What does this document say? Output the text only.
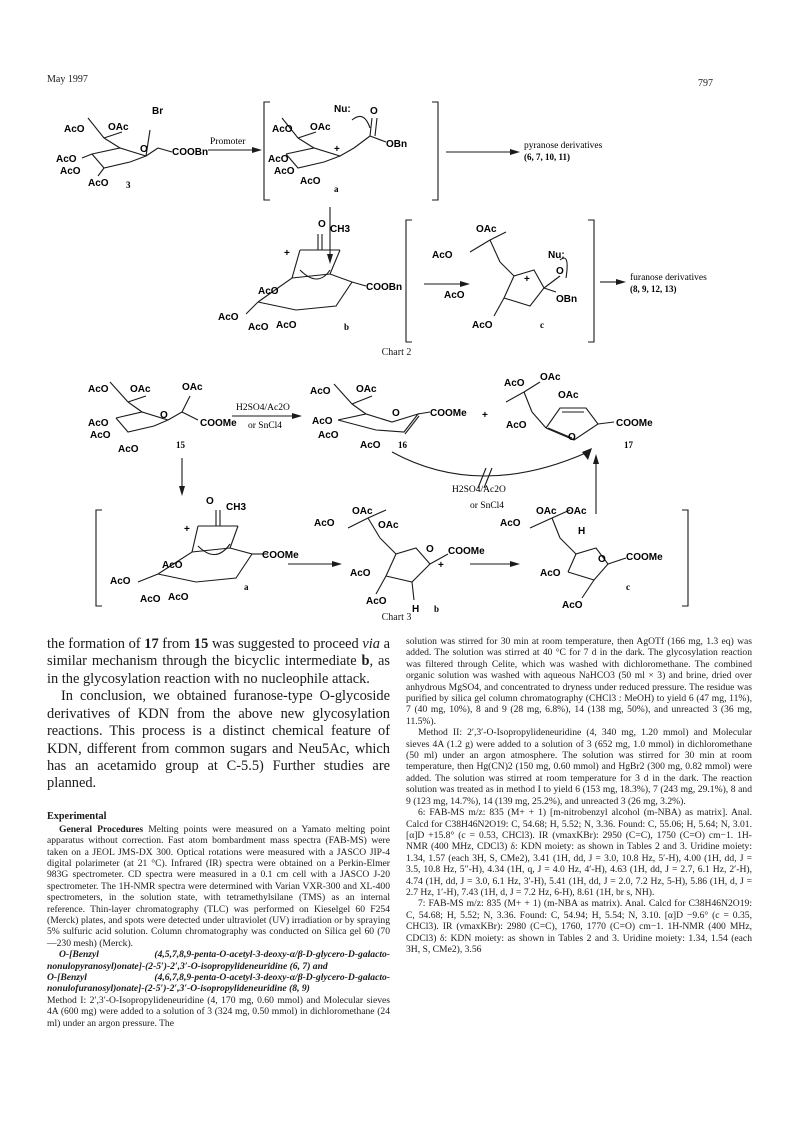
May 1997	797
AcO OAc
Br
COOBn
O
AcO
AcO
AcO 3
Promoter
AcO OAc
Nu:
OBn
O
+
AcO
AcO
AcO
a
pyranose derivatives
(6, 7, 10, 11)
O CH3
+
COOBn
AcO
AcO
AcO AcO	b
AcO
OAc
Nu:
AcO
+
OBn
O
AcO	c
furanose derivatives
(8, 9, 12, 13)
Chart 2
AcO OAc	OAc
COOMe
O
AcO
AcO
AcO	15
H2SO4/Ac2O
or SnCl4
AcO	OAc
COOMe
O
AcO
AcO
AcO 16
+
AcO
OAc
OAc
COOMe
O
AcO
17
H2SO4/Ac2O
or SnCl4
O
CH3
+
COOMe
AcO
AcO
AcO AcO
a
AcO
OAc
OAc
COOMe
O
+
AcO
AcO
H b
AcO
OAc OAc
H
COOMe
O
AcO
AcO
c
Chart 3

the formation of 17 from 15 was suggested to proceed via a similar mechanism through the bicyclic intermediate b, as in the glycosylation reaction with no nucleophile attack.

In conclusion, we obtained furanose-type O-glycoside derivatives of KDN from the above new glycosylation reactions. This process is a distinct chemical feature of KDN, different from common sugars and Neu5Ac, which has an acetamido group at C-5.5) Further studies are planned.

Experimental

General Procedures Melting points were measured on a Yamato melting point apparatus without correction. Fast atom bombardment mass spectra (FAB-MS) were taken on a JEOL JMS-DX 300. Optical rotations were measured with a JASCO JIP-4 digital polarimeter (at 21 °C). Infrared (IR) spectra were obtained on a Perkin-Elmer 983G spectrometer. CD spectra were measured in a 0.1 cm cell with a JASCO J-20 spectrometer. The 1H-NMR spectra were determined with Varian VXR-300 and XL-400 spectrometers, in the solution state, with tetramethylsilane (TMS) as an internal reference. Thin-layer chromatography (TLC) was performed on Kieselgel 60 F254 (Merck) plates, and spots were detected under ultraviolet (UV) irradiation or by spraying 5% sulfuric acid solution. Column chromatography was conducted on Silica gel 60 (70—230 mesh) (Merck).

O-[Benzyl (4,5,7,8,9-penta-O-acetyl-3-deoxy-α/β-D-glycero-D-galacto-nonulopyranosyl)onate]-(2-5′)-2′,3′-O-isopropylideneuridine (6, 7) and

O-[Benzyl (4,6,7,8,9-penta-O-acetyl-3-deoxy-α/β-D-glycero-D-galacto-nonulofuranosyl)onate]-(2-5′)-2′,3′-O-isopropylideneuridine (8, 9)

Method I: 2′,3′-O-Isopropylideneuridine (4, 170 mg, 0.60 mmol) and Molecular sieves 4A (600 mg) were added to a solution of 3 (324 mg, 0.50 mmol) in dichloromethane (24 ml) under an argon pressure. The

solution was stirred for 30 min at room temperature, then AgOTf (166 mg, 1.3 eq) was added. The solution was stirred at 40 °C for 7 d in the dark. The glycosylation reaction was filtered through Celite, which was washed with dichloromethane. The combined organic solution was washed with aqueous NaHCO3 (50 ml × 3) and brine, dried over anhydrous MgSO4, and concentrated to dryness under reduced pressure. The residue was purified by silica gel column chromatography (CHCl3 : MeOH) to yield 6 (47 mg, 11%), 7 (40 mg, 10%), 8 and 9 (28 mg, 6.8%), 14 (138 mg, 50%), and unreacted 3 (36 mg, 11.5%).

Method II: 2′,3′-O-Isopropylideneuridine (4, 340 mg, 1.20 mmol) and Molecular sieves 4A (1.2 g) were added to a solution of 3 (652 mg, 1.0 mmol) in dichloromethane (50 ml) under an argon atmosphere. The solution was stirred for 30 min at room temperature, then Hg(CN)2 (150 mg, 0.60 mmol) and HgBr2 (300 mg, 0.82 mmol) were added. The solution was stirred at room temperature for 3 d in the dark. The reaction solution was treated as in method I to yield 6 (153 mg, 18.3%), 7 (243 mg, 29.1%), 8 and 9 (123 mg, 14.7%), 14 (139 mg, 25.2%), and unreacted 3 (26 mg, 3.2%).

6: FAB-MS m/z: 835 (M+ + 1) [m-nitrobenzyl alcohol (m-NBA) as matrix]. Anal. Calcd for C38H46N2O19: C, 54.68; H, 5.52; N, 3.36. Found: C, 55.06; H, 5.64; N, 3.01. [α]D +15.8° (c = 0.53, CHCl3). IR (νmaxKBr): 2950 (C=C), 1750 (C=O) cm−1. 1H-NMR (400 MHz, CDCl3) δ: KDN moiety: as shown in Tables 2 and 3. Uridine moiety: 1.34, 1.57 (each 3H, S, CMe2), 3.41 (1H, dd, J = 3.0, 10.8 Hz, 5′-H), 4.00 (1H, dd, J = 3.5, 10.8 Hz, 5″-H), 4.34 (1H, q, J = 4.0 Hz, 4′-H), 4.63 (1H, dd, J = 2.7, 6.1 Hz, 2′-H), 4.74 (1H, dd, J = 3.0, 6.1 Hz, 3′-H), 5.41 (1H, dd, J = 2.0, 7.2 Hz, 5-H), 5.86 (1H, d, J = 2.7 Hz, 1′-H), 7.43 (1H, d, J = 7.2 Hz, 6-H), 8.61 (1H, br s, NH).

7: FAB-MS m/z: 835 (M+ + 1) (m-NBA as matrix). Anal. Calcd for C38H46N2O19: C, 54.68; H, 5.52; N, 3.36. Found: C, 54.94; H, 5.54; N, 3.10. [α]D −9.6° (c = 0.35, CHCl3). IR (νmaxKBr): 2980 (C=C), 1760, 1770 (C=O) cm−1. 1H-NMR (400 MHz, CDCl3) δ: KDN moiety: as shown in Tables 2 and 3. Uridine moiety: 1.34, 1.54 (each 3H, S, CMe2), 3.56
